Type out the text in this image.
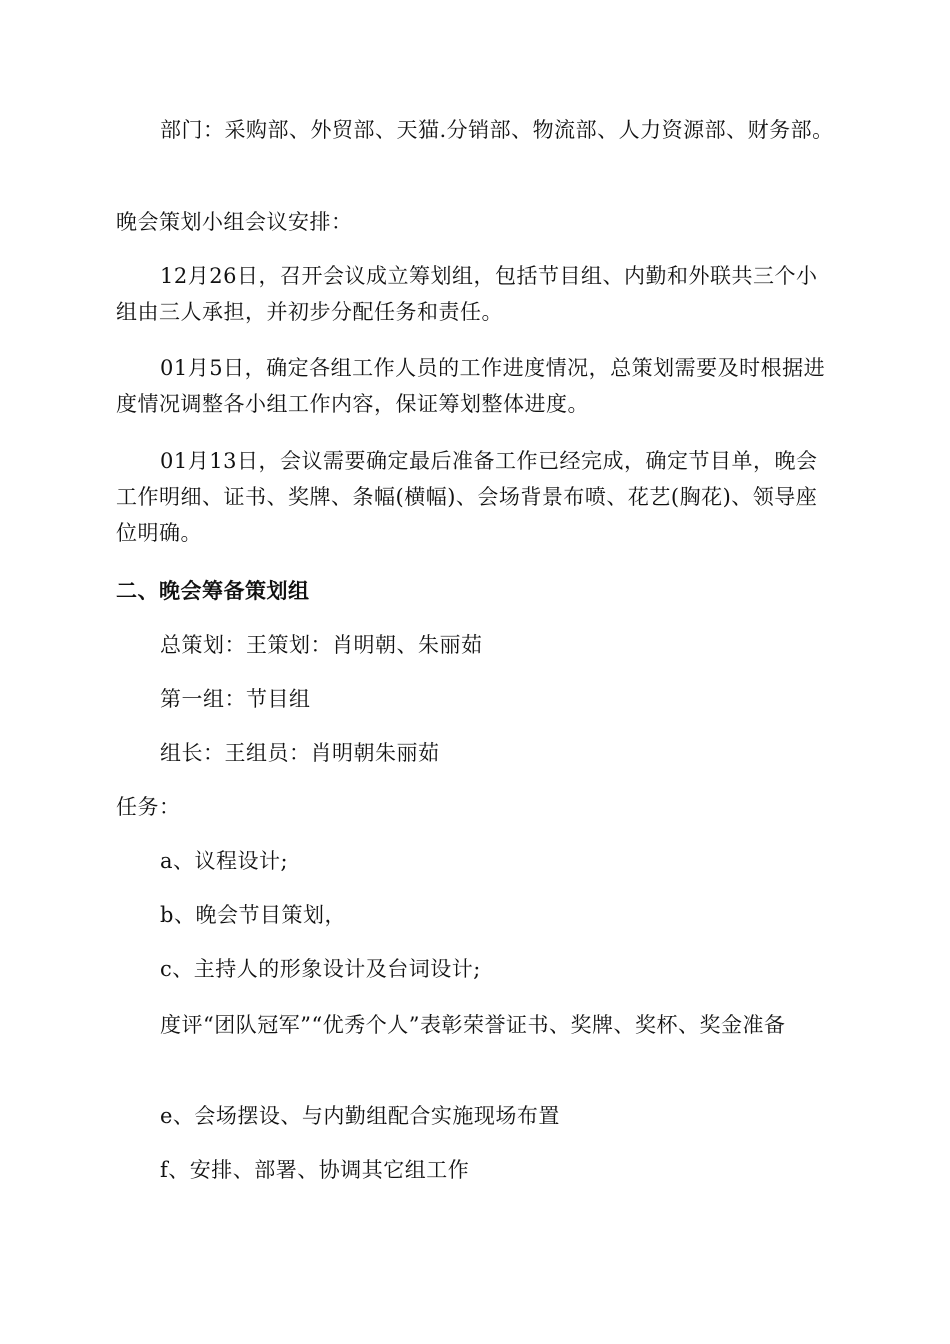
部门：采购部、外贸部、天猫.分销部、物流部、人力资源部、财务部。

晚会策划小组会议安排：

12月26日，召开会议成立筹划组，包括节目组、内勤和外联共三个小组由三人承担，并初步分配任务和责任。

01月5日，确定各组工作人员的工作进度情况，总策划需要及时根据进度情况调整各小组工作内容，保证筹划整体进度。

01月13日，会议需要确定最后准备工作已经完成，确定节目单，晚会工作明细、证书、奖牌、条幅(横幅)、会场背景布喷、花艺(胸花)、领导座位明确。

二、晚会筹备策划组

总策划：王策划：肖明朝、朱丽茹

第一组：节目组

组长：王组员：肖明朝朱丽茹

任务：

a、议程设计;

b、晚会节目策划，

c、主持人的形象设计及台词设计;

度评“团队冠军”“优秀个人”表彰荣誉证书、奖牌、奖杯、奖金准备

e、会场摆设、与内勤组配合实施现场布置

f、安排、部署、协调其它组工作
